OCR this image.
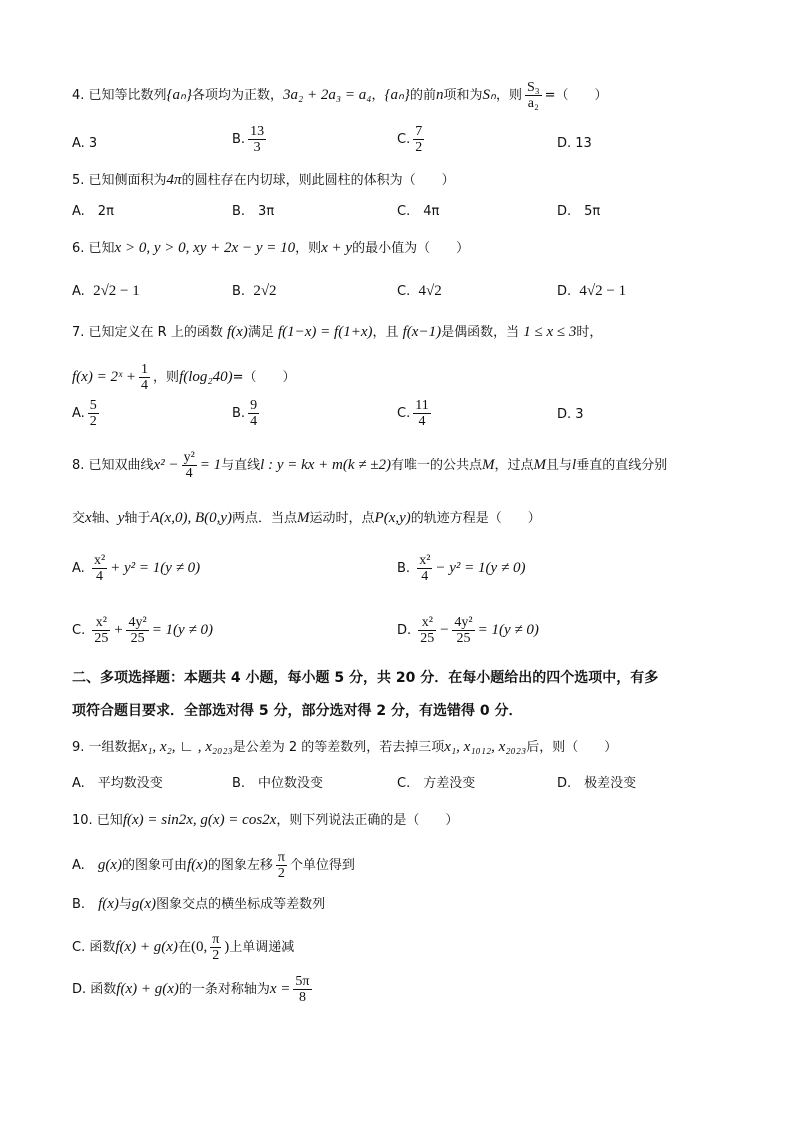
4. 已知等比数列{aₙ}各项均为正数，3a₂ + 2a₃ = a₄，{aₙ}的前n项和为Sₙ，则 $\frac{\text{S₃}}{\text{a₂}}$ =（　　）
A. 3	B. $\frac{13}{3}$	C. $\frac{7}{2}$	D. 13
5. 已知侧面积为4π的圆柱存在内切球，则此圆柱的体积为（　　）
A.　2π	B.　3π	C.　4π	D.　5π
6. 已知x > 0, y > 0, xy + 2x − y = 10，则x + y的最小值为（　　）
A. 2√2 − 1	B. 2√2	C. 4√2	D. 4√2 − 1
7. 已知定义在 R 上的函数 f(x)满足 f(1−x) = f(1+x)，且 f(x−1)是偶函数，当 1 ≤ x ≤ 3时，
f(x) = 2ˣ + $\frac{1}{4}$ ，则f(log₂40)=（　　）
A. $\frac{5}{2}$	B. $\frac{9}{4}$	C. $\frac{11}{4}$	D. 3
8. 已知双曲线$x^2 - \frac{\text{y²}}{4} = 1$与直线l : y = kx + m(k ≠ ±2)有唯一的公共点M，过点M且与l垂直的直线分别
交x轴、y轴于A(x,0), B(0,y)两点．当点M运动时，点P(x,y)的轨迹方程是（　　）
A. $\frac{\text{x²}}{4} + y^2 = 1(y \ne 0)$	B. $\frac{\text{x²}}{4} - y^2 = 1(y \ne 0)$
C. $\frac{\text{x²}}{25} + \frac{\text{4y²}}{25} = 1(y \ne 0)$	D. $\frac{\text{x²}}{25} - \frac{\text{4y²}}{25} = 1(y \ne 0)$
二、多项选择题：本题共 4 小题，每小题 5 分，共 20 分．在每小题给出的四个选项中，有多
项符合题目要求．全部选对得 5 分，部分选对得 2 分，有选错得 0 分．
9. 一组数据x₁, x₂, ∟ , x₂₀₂₃是公差为 2 的等差数列，若去掉三项x₁, x₁₀₁₂, x₂₀₂₃后，则（　　）
A.　平均数没变	B.　中位数没变	C.　方差没变	D.　极差没变
10. 已知f(x) = sin2x, g(x) = cos2x，则下列说法正确的是（　　）
A.　g(x)的图象可由f(x)的图象左移 $\frac{\pi}{2}$ 个单位得到
B.　f(x)与g(x)图象交点的横坐标成等差数列
C. 函数f(x) + g(x)在(0, $\frac{\pi}{2}$ )上单调递减
D. 函数f(x) + g(x)的一条对称轴为$x = \frac{5\pi}{8}$
